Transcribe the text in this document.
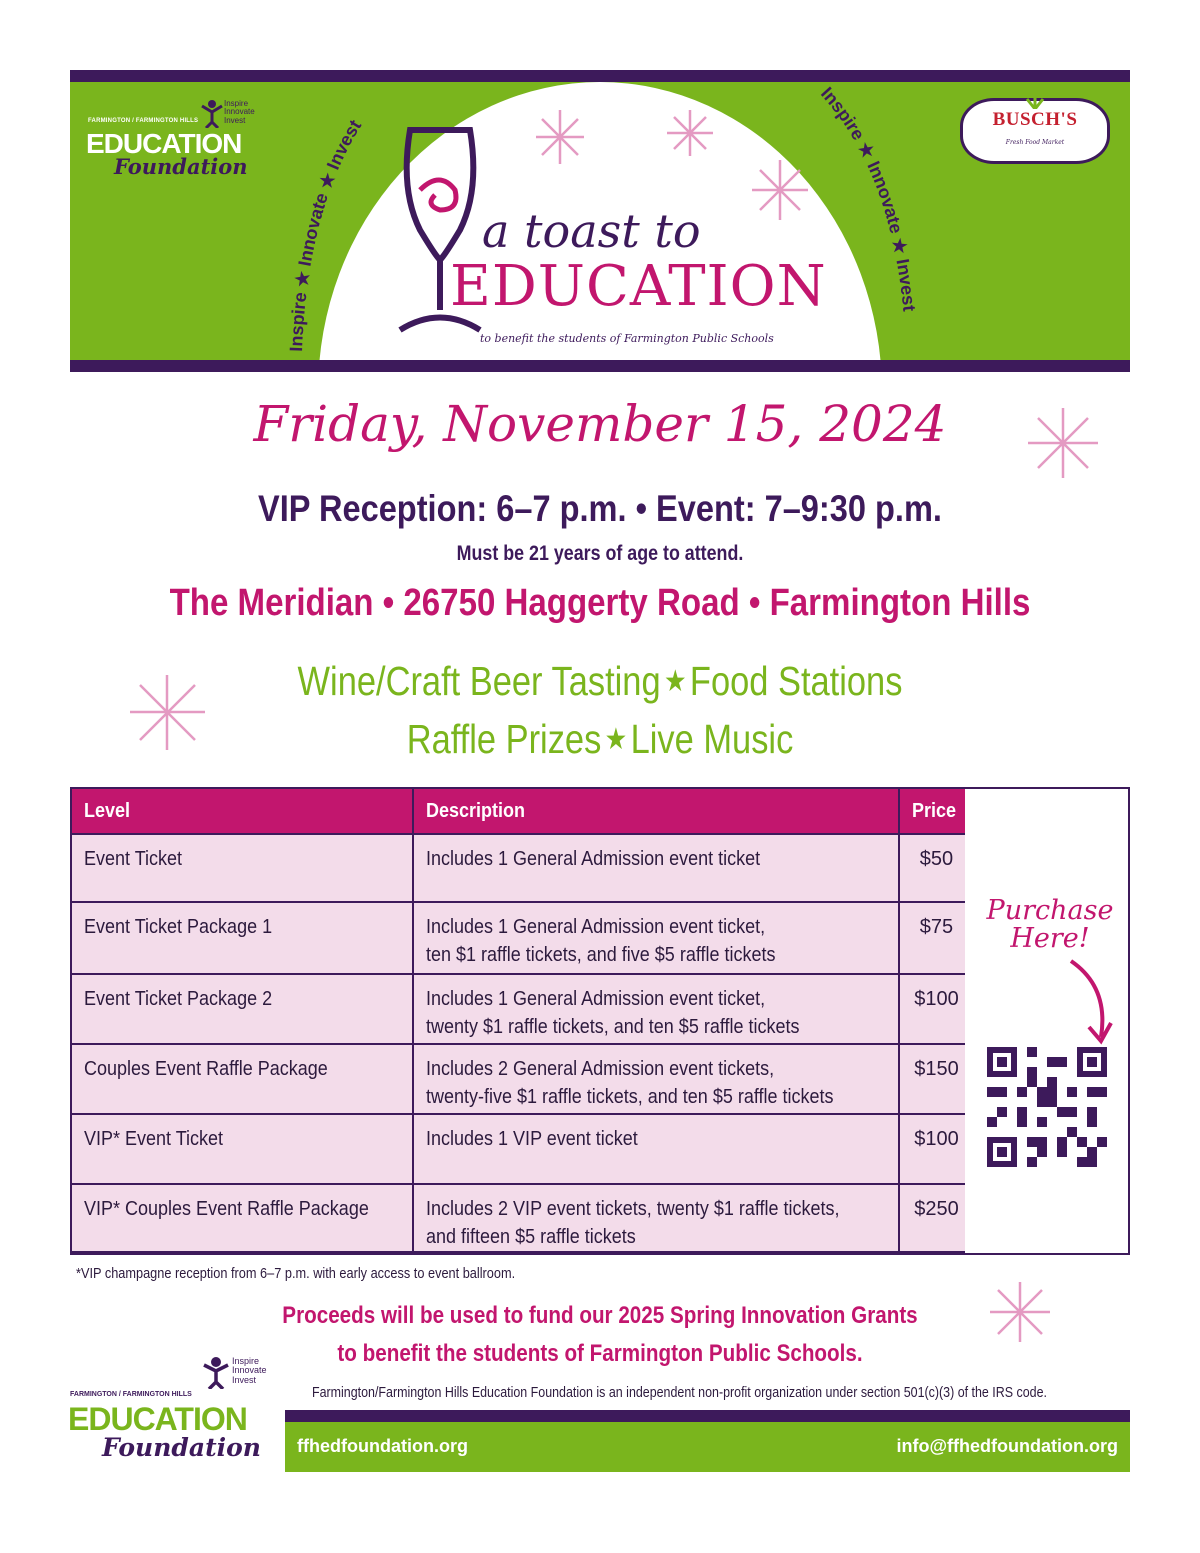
FARMINGTON / FARMINGTON HILLS
EDUCATION
Foundation
Inspire
Innovate
Invest
Inspire ★ Innovate ★ Invest
Inspire ★ Innovate ★ Invest
a toast to
EDUCATION
to benefit the students of Farmington Public Schools
BUSCH'S
Fresh Food Market
Friday, November 15, 2024
VIP Reception: 6–7 p.m. • Event: 7–9:30 p.m.
Must be 21 years of age to attend.
The Meridian • 26750 Haggerty Road • Farmington Hills
Wine/Craft Beer Tasting ★Food Stations
Raffle Prizes ★Live Music
Level	Description	Price
Event Ticket	Includes 1 General Admission event ticket	$50
Event Ticket Package 1	Includes 1 General Admission event ticket,
ten $1 raffle tickets, and five $5 raffle tickets	$75
Event Ticket Package 2	Includes 1 General Admission event ticket,
twenty $1 raffle tickets, and ten $5 raffle tickets	$100
Couples Event Raffle Package	Includes 2 General Admission event tickets,
twenty-five $1 raffle tickets, and ten $5 raffle tickets	$150
VIP* Event Ticket	Includes 1 VIP event ticket	$100
VIP* Couples Event Raffle Package	Includes 2 VIP event tickets, twenty $1 raffle tickets,
and fifteen $5 raffle tickets	$250
Purchase
Here!
*VIP champagne reception from 6–7 p.m. with early access to event ballroom.
Proceeds will be used to fund our 2025 Spring Innovation Grants
Inspire
Innovate
Invest
FARMINGTON / FARMINGTON HILLS
EDUCATION
Foundation
to benefit the students of Farmington Public Schools.
Farmington/Farmington Hills Education Foundation is an independent non-profit organization under section 501(c)(3) of the IRS code.
ffhedfoundation.org	info@ffhedfoundation.org
